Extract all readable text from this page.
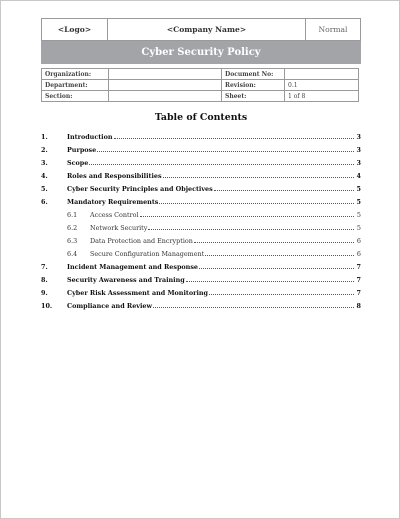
<Logo>	<Company Name>	Normal
Cyber Security Policy
Organization:		Document No:	
Department:		Revision:	0.1
Section:		Sheet:	1 of 8
Table of Contents
1.	Introduction	3
2.	Purpose	3
3.	Scope	3
4.	Roles and Responsibilities	4
5.	Cyber Security Principles and Objectives	5
6.	Mandatory Requirements	5
6.1	Access Control	5
6.2	Network Security	5
6.3	Data Protection and Encryption	6
6.4	Secure Configuration Management	6
7.	Incident Management and Response	7
8.	Security Awareness and Training	7
9.	Cyber Risk Assessment and Monitoring	7
10.	Compliance and Review	8
